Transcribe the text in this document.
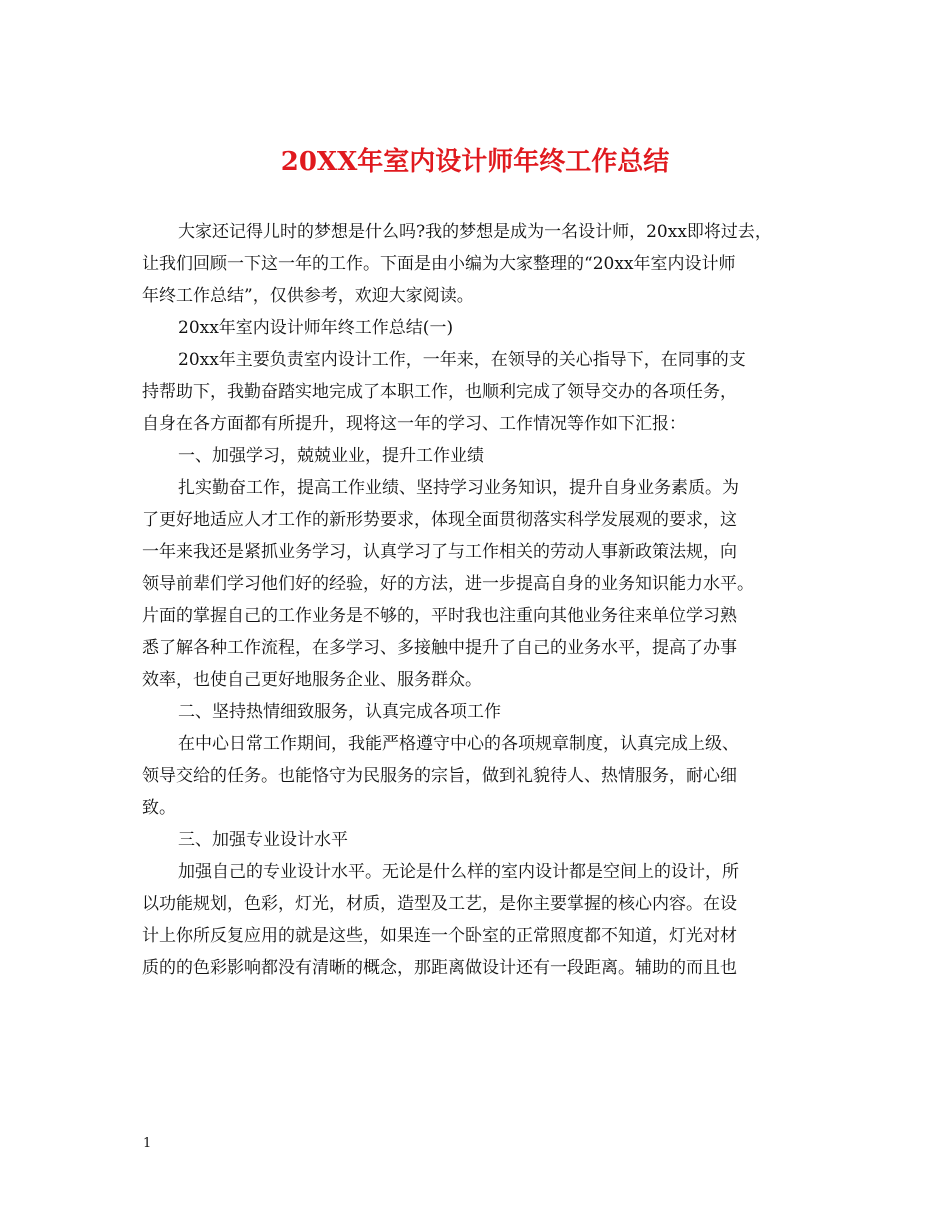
20XX年室内设计师年终工作总结
大家还记得儿时的梦想是什么吗?我的梦想是成为一名设计师，20xx即将过去，
让我们回顾一下这一年的工作。下面是由小编为大家整理的“20xx年室内设计师
年终工作总结”，仅供参考，欢迎大家阅读。
20xx年室内设计师年终工作总结(一)
20xx年主要负责室内设计工作，一年来，在领导的关心指导下，在同事的支
持帮助下，我勤奋踏实地完成了本职工作，也顺利完成了领导交办的各项任务，
自身在各方面都有所提升，现将这一年的学习、工作情况等作如下汇报：
一、加强学习，兢兢业业，提升工作业绩
扎实勤奋工作，提高工作业绩、坚持学习业务知识，提升自身业务素质。为
了更好地适应人才工作的新形势要求，体现全面贯彻落实科学发展观的要求，这
一年来我还是紧抓业务学习，认真学习了与工作相关的劳动人事新政策法规，向
领导前辈们学习他们好的经验，好的方法，进一步提高自身的业务知识能力水平。
片面的掌握自己的工作业务是不够的，平时我也注重向其他业务往来单位学习熟
悉了解各种工作流程，在多学习、多接触中提升了自己的业务水平，提高了办事
效率，也使自己更好地服务企业、服务群众。
二、坚持热情细致服务，认真完成各项工作
在中心日常工作期间，我能严格遵守中心的各项规章制度，认真完成上级、
领导交给的任务。也能恪守为民服务的宗旨，做到礼貌待人、热情服务，耐心细
致。
三、加强专业设计水平
加强自己的专业设计水平。无论是什么样的室内设计都是空间上的设计，所
以功能规划，色彩，灯光，材质，造型及工艺，是你主要掌握的核心内容。在设
计上你所反复应用的就是这些，如果连一个卧室的正常照度都不知道，灯光对材
质的的色彩影响都没有清晰的概念，那距离做设计还有一段距离。辅助的而且也
1
